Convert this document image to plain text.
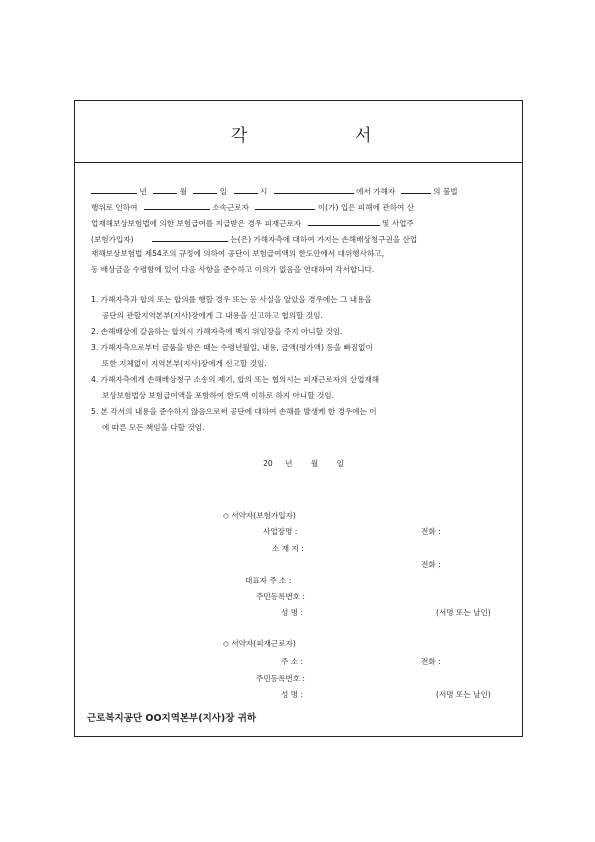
각	서
년	월	일	시	에서 가해자	의 불법
행위로 인하여	소속근로자	이(가) 입은 피해에 관하여 산
업재해보상보험법에 의한 보험급여를 지급받은 경우 피재근로자	및 사업주
(보험가입자)	는(은) 가해자측에 대하여 가지는 손해배상청구권을 산업
재해보상보험법 제54조의 규정에 의하여 공단이 보험급여액의 한도안에서 대위행사하고,
동 배상금을 수령함에 있어 다음 사항을 준수하고 이의가 없음을 연대하여 각서합니다.
1. 가해자측과 합의 또는 합의를 행할 경우 또는 등 사실을 알았을 경우에는 그 내용을
공단의 관할지역본부(지사)장에게 그 내용을 신고하고 협의할 것임.
2. 손해배상에 갈음하는 합의시 가해자측에 백지 위임장을 주지 아니할 것임.
3. 가해자측으로부터 금품을 받은 때는 수령년월일, 내용, 금액(평가액) 등을 빠짐없이
또한 지체없이 지역본부(지사)장에게 신고할 것임.
4. 가해자측에게 손해배상청구 소송의 제기, 합의 또는 협의시는 피재근로자의 산업재해
보상보험법상 보험급여액을 포함하여 한도액 이하로 하지 아니할 것임.
5. 본 각서의 내용을 준수하지 않음으로써 공단에 대하여 손해를 발생케 한 경우에는 이
에 따른 모든 책임을 다할 것임.
20 년 월 일
◇ 서약자(보험가입자)
사업장명 :	전화 :
소 재 지 :
전화 :
대표자 주 소 :
주민등록번호 :
성 명 :	(서명 또는 날인)
◇ 서약자(피재근로자)
주 소 :	전화 :
주민등록번호 :
성 명 :	(서명 또는 날인)
근로복지공단 OO지역본부(지사)장 귀하
